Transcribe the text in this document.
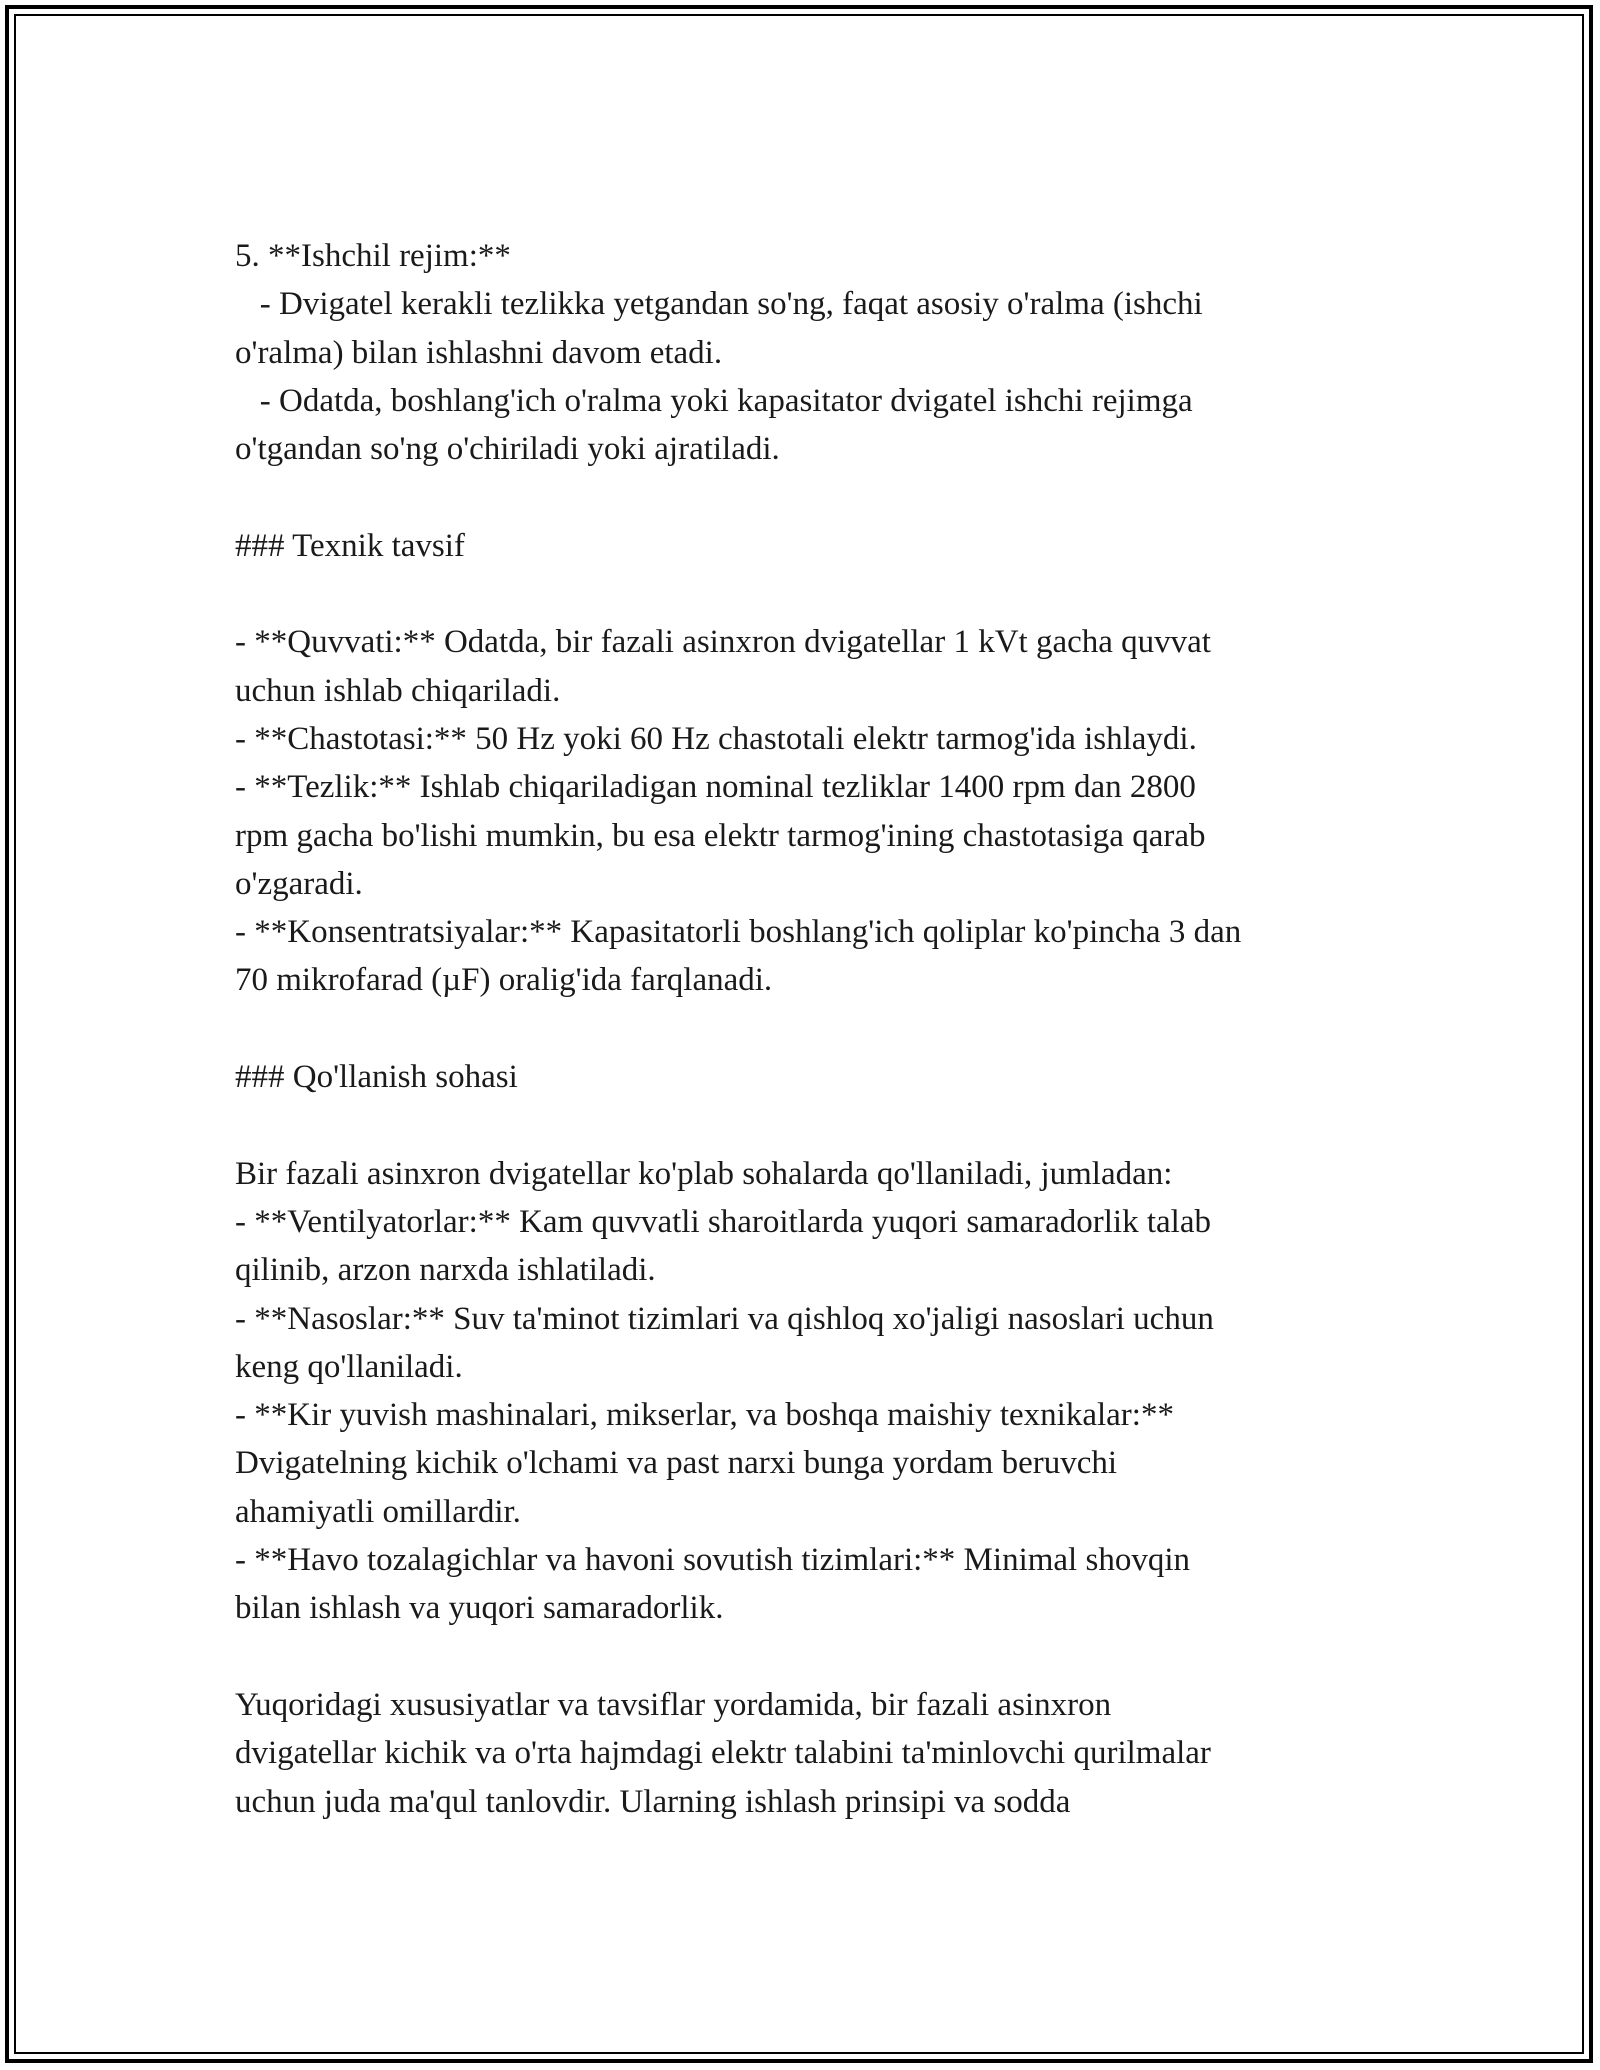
5. **Ishchil rejim:**
- Dvigatel kerakli tezlikka yetgandan so'ng, faqat asosiy o'ralma (ishchi
o'ralma) bilan ishlashni davom etadi.
- Odatda, boshlang'ich o'ralma yoki kapasitator dvigatel ishchi rejimga
o'tgandan so'ng o'chiriladi yoki ajratiladi.
### Texnik tavsif
- **Quvvati:** Odatda, bir fazali asinxron dvigatellar 1 kVt gacha quvvat
uchun ishlab chiqariladi.
- **Chastotasi:** 50 Hz yoki 60 Hz chastotali elektr tarmog'ida ishlaydi.
- **Tezlik:** Ishlab chiqariladigan nominal tezliklar 1400 rpm dan 2800
rpm gacha bo'lishi mumkin, bu esa elektr tarmog'ining chastotasiga qarab
o'zgaradi.
- **Konsentratsiyalar:** Kapasitatorli boshlang'ich qoliplar ko'pincha 3 dan
70 mikrofarad (µF) oralig'ida farqlanadi.
### Qo'llanish sohasi
Bir fazali asinxron dvigatellar ko'plab sohalarda qo'llaniladi, jumladan:
- **Ventilyatorlar:** Kam quvvatli sharoitlarda yuqori samaradorlik talab
qilinib, arzon narxda ishlatiladi.
- **Nasoslar:** Suv ta'minot tizimlari va qishloq xo'jaligi nasoslari uchun
keng qo'llaniladi.
- **Kir yuvish mashinalari, mikserlar, va boshqa maishiy texnikalar:**
Dvigatelning kichik o'lchami va past narxi bunga yordam beruvchi
ahamiyatli omillardir.
- **Havo tozalagichlar va havoni sovutish tizimlari:** Minimal shovqin
bilan ishlash va yuqori samaradorlik.
Yuqoridagi xususiyatlar va tavsiflar yordamida, bir fazali asinxron
dvigatellar kichik va o'rta hajmdagi elektr talabini ta'minlovchi qurilmalar
uchun juda ma'qul tanlovdir. Ularning ishlash prinsipi va sodda
